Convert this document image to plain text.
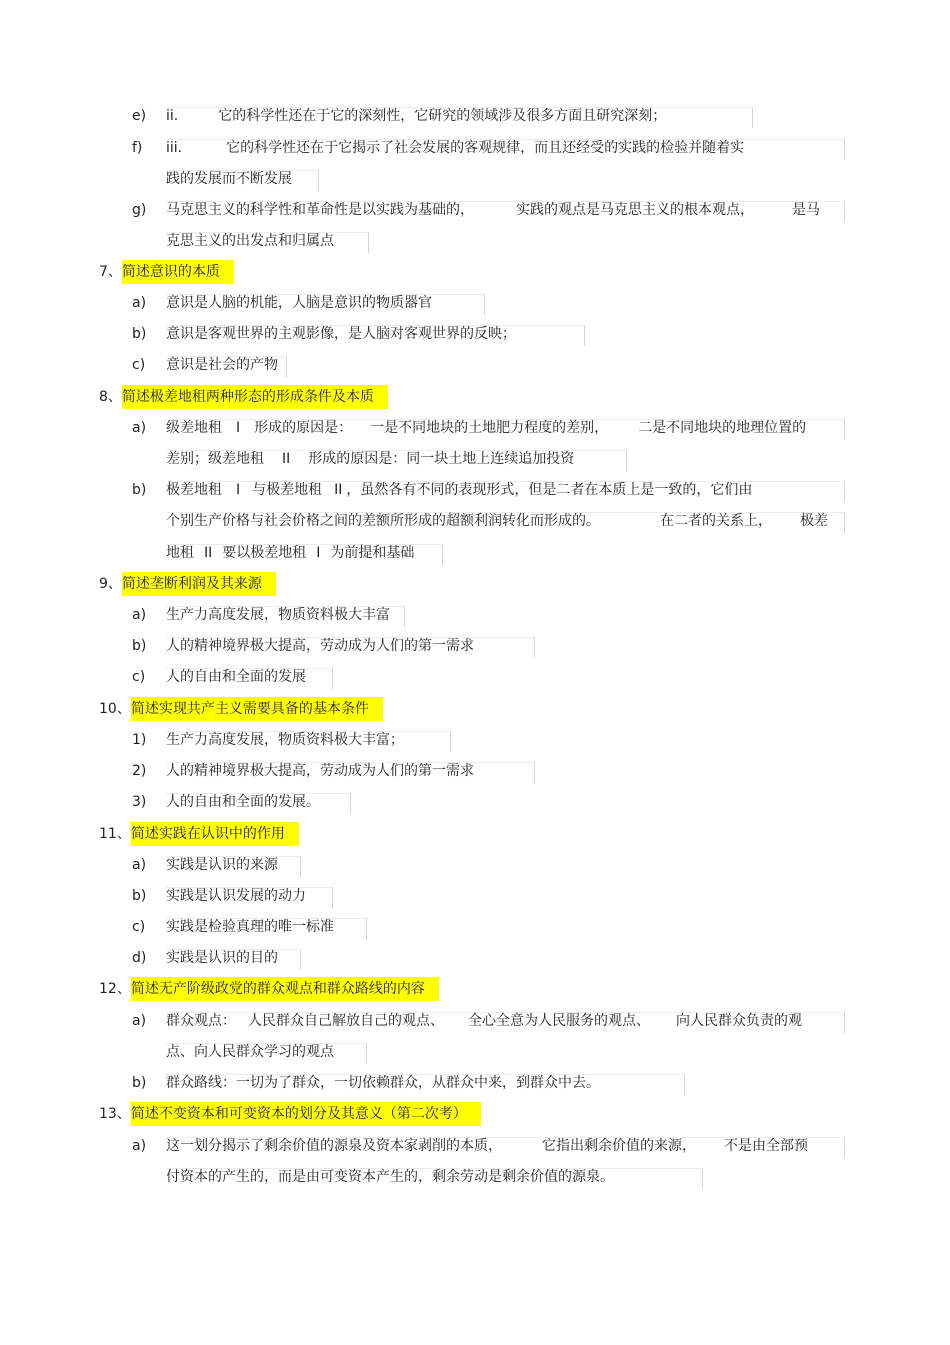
e)	ii.	它的科学性还在于它的深刻性，它研究的领域涉及很多方面且研究深刻；
f)	iii.	它的科学性还在于它揭示了社会发展的客观规律，而且还经受的实践的检验并随着实
践的发展而不断发展
g)	马克思主义的科学性和革命性是以实践为基础的，	实践的观点是马克思主义的根本观点，	是马
克思主义的出发点和归属点
7、简述意识的本质
a)	意识是人脑的机能，人脑是意识的物质器官
b)	意识是客观世界的主观影像，是人脑对客观世界的反映；
c)	意识是社会的产物
8、简述极差地租两种形态的形成条件及本质
a)	级差地租 I 形成的原因是： 一是不同地块的土地肥力程度的差别， 二是不同地块的地理位置的
差别；级差地租 II 形成的原因是：同一块土地上连续追加投资
b)	极差地租 I 与极差地租 II ，虽然各有不同的表现形式，但是二者在本质上是一致的，它们由
个别生产价格与社会价格之间的差额所形成的超额利润转化而形成的。	在二者的关系上， 极差
地租 II 要以极差地租 I 为前提和基础
9、简述垄断利润及其来源
a)	生产力高度发展，物质资料极大丰富
b)	人的精神境界极大提高，劳动成为人们的第一需求
c)	人的自由和全面的发展
10、简述实现共产主义需要具备的基本条件
1)	生产力高度发展，物质资料极大丰富；
2)	人的精神境界极大提高，劳动成为人们的第一需求
3)	人的自由和全面的发展。
11、简述实践在认识中的作用
a)	实践是认识的来源
b)	实践是认识发展的动力
c)	实践是检验真理的唯一标准
d)	实践是认识的目的
12、简述无产阶级政党的群众观点和群众路线的内容
a)	群众观点： 人民群众自己解放自己的观点、 全心全意为人民服务的观点、 向人民群众负责的观
点、向人民群众学习的观点
b)	群众路线：一切为了群众，一切依赖群众，从群众中来，到群众中去。
13、简述不变资本和可变资本的划分及其意义（第二次考）
a)	这一划分揭示了剩余价值的源泉及资本家剥削的本质，	它指出剩余价值的来源， 不是由全部预
付资本的产生的，而是由可变资本产生的，剩余劳动是剩余价值的源泉。
